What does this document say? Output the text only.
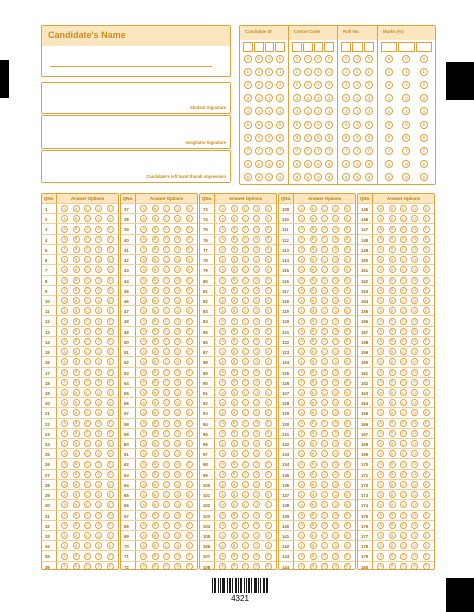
Candidate's Name
Student Signature
Invigilator Signature
Candidate's left hand thumb impression
Candidate ID
0	0	0	0
1	1	1	1
2	2	2	2
3	3	3	3
4	4	4	4
5	5	5	5
6	6	6	6
7	7	7	7
8	8	8	8
9	9	9	9
Centre Code
0	0	0	0
1	1	1	1
2	2	2	2
3	3	3	3
4	4	4	4
5	5	5	5
6	6	6	6
7	7	7	7
8	8	8	8
9	9	9	9
Roll No.
0	0	0
1	1	1
2	2	2
3	3	3
4	4	4
5	5	5
6	6	6
7	7	7
8	8	8
9	9	9
Marks (%)
0	0	0
1	1	1
2	2	2
3	3	3
4	4	4
5	5	5
6	6	6
7	7	7
8	8	8
9	9	9
QNo.	Answer Options
1	A	B	C	D	E
2	A	B	C	D	E
3	A	B	C	D	E
4	A	B	C	D	E
5	A	B	C	D	E
6	A	B	C	D	E
7	A	B	C	D	E
8	A	B	C	D	E
9	A	B	C	D	E
10	A	B	C	D	E
11	A	B	C	D	E
12	A	B	C	D	E
13	A	B	C	D	E
14	A	B	C	D	E
15	A	B	C	D	E
16	A	B	C	D	E
17	A	B	C	D	E
18	A	B	C	D	E
19	A	B	C	D	E
20	A	B	C	D	E
21	A	B	C	D	E
22	A	B	C	D	E
23	A	B	C	D	E
24	A	B	C	D	E
25	A	B	C	D	E
26	A	B	C	D	E
27	A	B	C	D	E
28	A	B	C	D	E
29	A	B	C	D	E
30	A	B	C	D	E
31	A	B	C	D	E
32	A	B	C	D	E
33	A	B	C	D	E
34	A	B	C	D	E
35	A	B	C	D	E
36	A	B	C	D	E
QNo.	Answer Options
37	A	B	C	D	E
38	A	B	C	D	E
39	A	B	C	D	E
40	A	B	C	D	E
41	A	B	C	D	E
42	A	B	C	D	E
43	A	B	C	D	E
44	A	B	C	D	E
45	A	B	C	D	E
46	A	B	C	D	E
47	A	B	C	D	E
48	A	B	C	D	E
49	A	B	C	D	E
50	A	B	C	D	E
51	A	B	C	D	E
52	A	B	C	D	E
53	A	B	C	D	E
54	A	B	C	D	E
55	A	B	C	D	E
56	A	B	C	D	E
57	A	B	C	D	E
58	A	B	C	D	E
59	A	B	C	D	E
60	A	B	C	D	E
61	A	B	C	D	E
62	A	B	C	D	E
63	A	B	C	D	E
64	A	B	C	D	E
65	A	B	C	D	E
66	A	B	C	D	E
67	A	B	C	D	E
68	A	B	C	D	E
69	A	B	C	D	E
70	A	B	C	D	E
71	A	B	C	D	E
72	A	B	C	D	E
QNo.	Answer Options
73	A	B	C	D	E
74	A	B	C	D	E
75	A	B	C	D	E
76	A	B	C	D	E
77	A	B	C	D	E
78	A	B	C	D	E
79	A	B	C	D	E
80	A	B	C	D	E
81	A	B	C	D	E
82	A	B	C	D	E
83	A	B	C	D	E
84	A	B	C	D	E
85	A	B	C	D	E
86	A	B	C	D	E
87	A	B	C	D	E
88	A	B	C	D	E
89	A	B	C	D	E
90	A	B	C	D	E
91	A	B	C	D	E
92	A	B	C	D	E
93	A	B	C	D	E
94	A	B	C	D	E
95	A	B	C	D	E
96	A	B	C	D	E
97	A	B	C	D	E
98	A	B	C	D	E
99	A	B	C	D	E
100	A	B	C	D	E
101	A	B	C	D	E
102	A	B	C	D	E
103	A	B	C	D	E
104	A	B	C	D	E
105	A	B	C	D	E
106	A	B	C	D	E
107	A	B	C	D	E
108	A	B	C	D	E
QNo.	Answer Options
109	A	B	C	D	E
110	A	B	C	D	E
111	A	B	C	D	E
112	A	B	C	D	E
113	A	B	C	D	E
114	A	B	C	D	E
115	A	B	C	D	E
116	A	B	C	D	E
117	A	B	C	D	E
118	A	B	C	D	E
119	A	B	C	D	E
120	A	B	C	D	E
121	A	B	C	D	E
122	A	B	C	D	E
123	A	B	C	D	E
124	A	B	C	D	E
125	A	B	C	D	E
126	A	B	C	D	E
127	A	B	C	D	E
128	A	B	C	D	E
129	A	B	C	D	E
130	A	B	C	D	E
131	A	B	C	D	E
132	A	B	C	D	E
133	A	B	C	D	E
134	A	B	C	D	E
135	A	B	C	D	E
136	A	B	C	D	E
137	A	B	C	D	E
138	A	B	C	D	E
139	A	B	C	D	E
140	A	B	C	D	E
141	A	B	C	D	E
142	A	B	C	D	E
143	A	B	C	D	E
144	A	B	C	D	E
QNo.	Answer Options
145	A	B	C	D	E
146	A	B	C	D	E
147	A	B	C	D	E
148	A	B	C	D	E
149	A	B	C	D	E
150	A	B	C	D	E
151	A	B	C	D	E
152	A	B	C	D	E
153	A	B	C	D	E
154	A	B	C	D	E
155	A	B	C	D	E
156	A	B	C	D	E
157	A	B	C	D	E
158	A	B	C	D	E
159	A	B	C	D	E
160	A	B	C	D	E
161	A	B	C	D	E
162	A	B	C	D	E
163	A	B	C	D	E
164	A	B	C	D	E
165	A	B	C	D	E
166	A	B	C	D	E
167	A	B	C	D	E
168	A	B	C	D	E
169	A	B	C	D	E
170	A	B	C	D	E
171	A	B	C	D	E
172	A	B	C	D	E
173	A	B	C	D	E
174	A	B	C	D	E
175	A	B	C	D	E
176	A	B	C	D	E
177	A	B	C	D	E
178	A	B	C	D	E
179	A	B	C	D	E
180	A	B	C	D	E
4321
